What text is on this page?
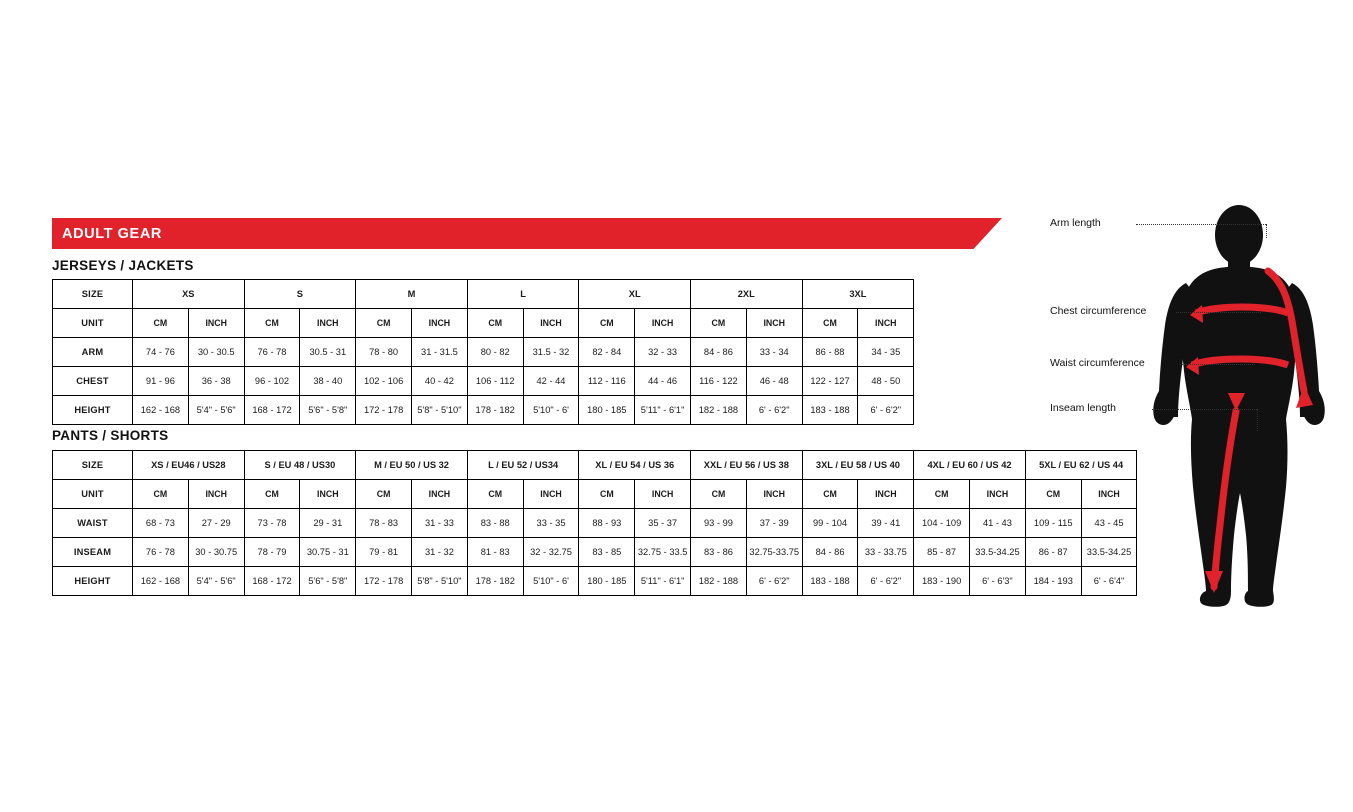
ADULT GEAR
JERSEYS / JACKETS
SIZE	XS		S		M		L		XL		2XL		3XL	
UNIT	CM	INCH	CM	INCH	CM	INCH	CM	INCH	CM	INCH	CM	INCH	CM	INCH
ARM	74 - 76	30 - 30.5	76 - 78	30.5 - 31	78 - 80	31 - 31.5	80 - 82	31.5 - 32	82 - 84	32 - 33	84 - 86	33 - 34	86 - 88	34 - 35
CHEST	91 - 96	36 - 38	96 - 102	38 - 40	102 - 106	40 - 42	106 - 112	42 - 44	112 - 116	44 - 46	116 - 122	46 - 48	122 - 127	48 - 50
HEIGHT	162 - 168	5'4" - 5'6"	168 - 172	5'6" - 5'8"	172 - 178	5'8" - 5'10"	178 - 182	5'10" - 6'	180 - 185	5'11" - 6'1"	182 - 188	6' - 6'2"	183 - 188	6' - 6'2"
PANTS / SHORTS
SIZE	XS / EU46 / US28		S / EU 48 / US30		M / EU 50 / US 32		L / EU 52 / US34		XL / EU 54 / US 36		XXL / EU 56 / US 38		3XL / EU 58 / US 40		4XL / EU 60 / US 42		5XL / EU 62 / US 44	
UNIT	CM	INCH	CM	INCH	CM	INCH	CM	INCH	CM	INCH	CM	INCH	CM	INCH	CM	INCH	CM	INCH
WAIST	68 - 73	27 - 29	73 - 78	29 - 31	78 - 83	31 - 33	83 - 88	33 - 35	88 - 93	35 - 37	93 - 99	37 - 39	99 - 104	39 - 41	104 - 109	41 - 43	109 - 115	43 - 45
INSEAM	76 - 78	30 - 30.75	78 - 79	30.75 - 31	79 - 81	31 - 32	81 - 83	32 - 32.75	83 - 85	32.75 - 33.5	83 - 86	32.75-33.75	84 - 86	33 - 33.75	85 - 87	33.5-34.25	86 - 87	33.5-34.25
HEIGHT	162 - 168	5'4" - 5'6"	168 - 172	5'6" - 5'8"	172 - 178	5'8" - 5'10"	178 - 182	5'10" - 6'	180 - 185	5'11" - 6'1"	182 - 188	6' - 6'2"	183 - 188	6' - 6'2"	183 - 190	6' - 6'3"	184 - 193	6' - 6'4"
Arm length
Chest circumference
Waist circumference
Inseam length
